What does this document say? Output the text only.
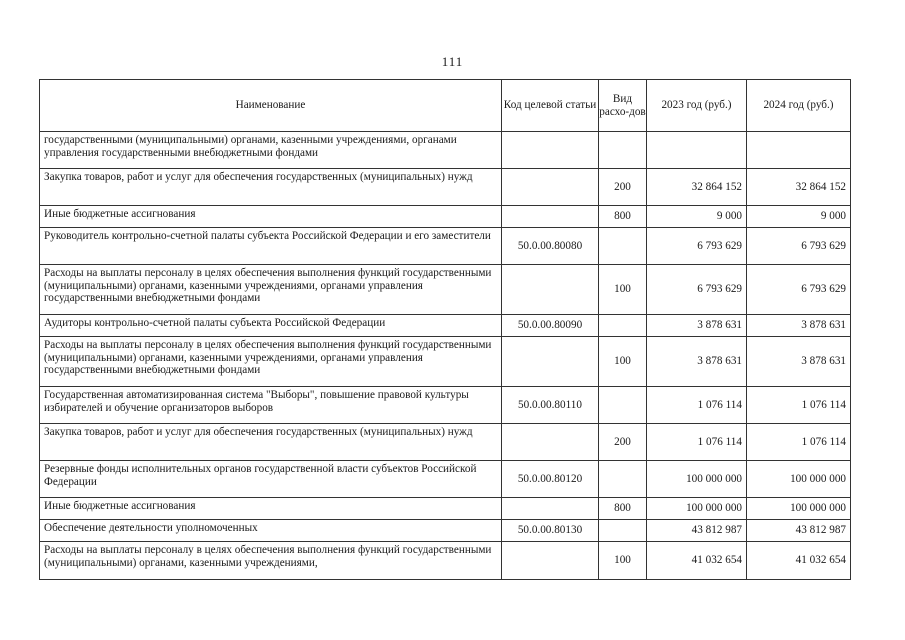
111
Наименование	Код целевой статьи	Вид расхо-дов	2023 год (руб.)	2024 год (руб.)
государственными (муниципальными) органами, казенными учреждениями, органами управления государственными внебюджетными фондами				
Закупка товаров, работ и услуг для обеспечения государственных (муниципальных) нужд		200	32 864 152	32 864 152
Иные бюджетные ассигнования		800	9 000	9 000
Руководитель контрольно-счетной палаты субъекта Российской Федерации и его заместители	50.0.00.80080		6 793 629	6 793 629
Расходы на выплаты персоналу в целях обеспечения выполнения функций государственными (муниципальными) органами, казенными учреждениями, органами управления государственными внебюджетными фондами		100	6 793 629	6 793 629
Аудиторы контрольно-счетной палаты субъекта Российской Федерации	50.0.00.80090		3 878 631	3 878 631
Расходы на выплаты персоналу в целях обеспечения выполнения функций государственными (муниципальными) органами, казенными учреждениями, органами управления государственными внебюджетными фондами		100	3 878 631	3 878 631
Государственная автоматизированная система "Выборы", повышение правовой культуры избирателей и обучение организаторов выборов	50.0.00.80110		1 076 114	1 076 114
Закупка товаров, работ и услуг для обеспечения государственных (муниципальных) нужд		200	1 076 114	1 076 114
Резервные фонды исполнительных органов государственной власти субъектов Российской Федерации	50.0.00.80120		100 000 000	100 000 000
Иные бюджетные ассигнования		800	100 000 000	100 000 000
Обеспечение деятельности уполномоченных	50.0.00.80130		43 812 987	43 812 987
Расходы на выплаты персоналу в целях обеспечения выполнения функций государственными (муниципальными) органами, казенными учреждениями,		100	41 032 654	41 032 654
